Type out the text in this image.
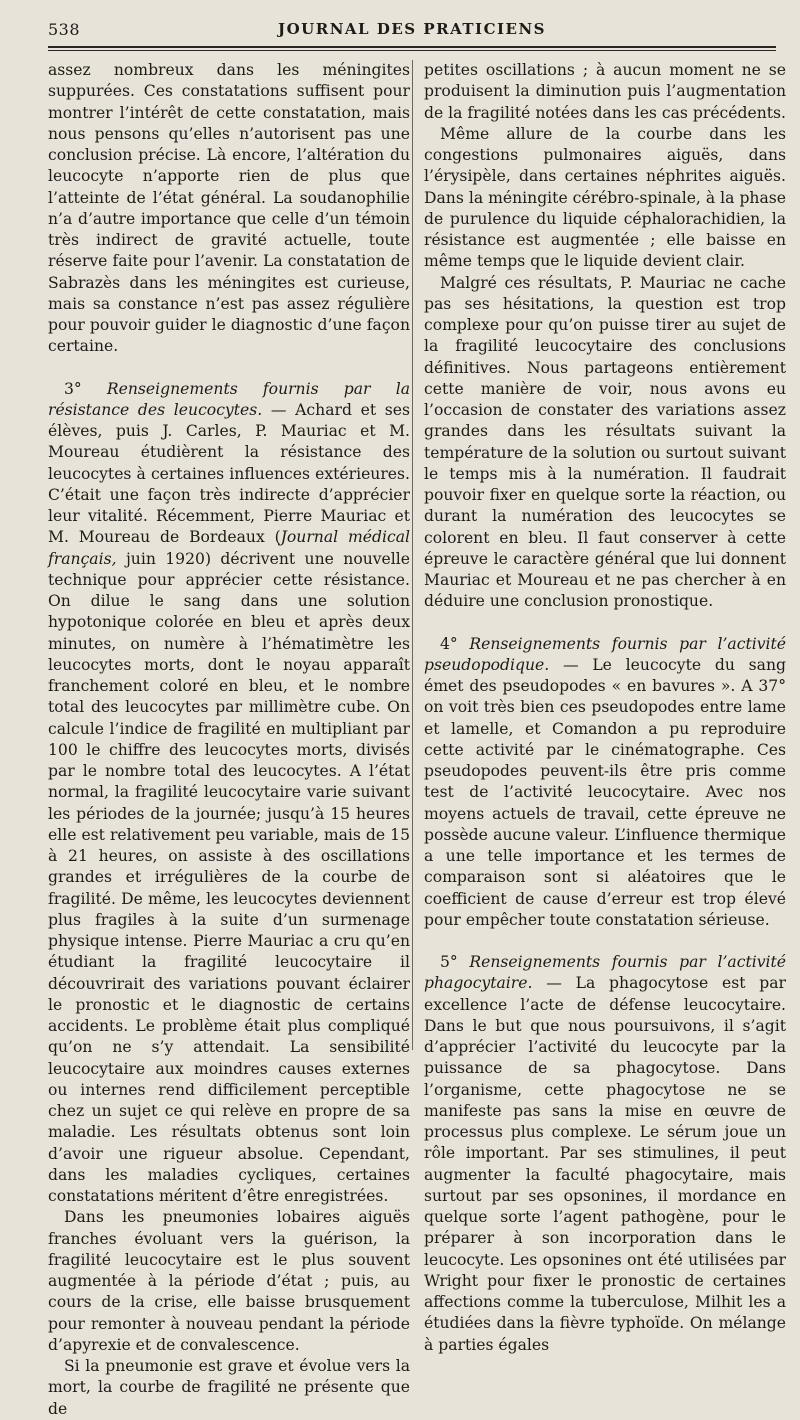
538	JOURNAL DES PRATICIENS

assez nombreux dans les méningites suppurées. Ces constatations suffisent pour montrer l’intérêt de cette constatation, mais nous pensons qu’elles n’autorisent pas une conclusion précise. Là encore, l’altération du leucocyte n’apporte rien de plus que l’atteinte de l’état général. La soudanophilie n’a d’autre importance que celle d’un témoin très indirect de gravité actuelle, toute réserve faite pour l’avenir. La constatation de Sabrazès dans les méningites est curieuse, mais sa constance n’est pas assez régulière pour pouvoir guider le diagnostic d’une façon certaine.

3° Renseignements fournis par la résistance des leucocytes. — Achard et ses élèves, puis J. Carles, P. Mauriac et M. Moureau étudièrent la résistance des leucocytes à certaines influences extérieures. C’était une façon très indirecte d’apprécier leur vitalité. Récemment, Pierre Mauriac et M. Moureau de Bordeaux (Journal médical français, juin 1920) décrivent une nouvelle technique pour apprécier cette résistance. On dilue le sang dans une solution hypotonique colorée en bleu et après deux minutes, on numère à l’hématimètre les leucocytes morts, dont le noyau apparaît franchement coloré en bleu, et le nombre total des leucocytes par millimètre cube. On calcule l’indice de fragilité en multipliant par 100 le chiffre des leucocytes morts, divisés par le nombre total des leucocytes. A l’état normal, la fragilité leucocytaire varie suivant les périodes de la journée; jusqu’à 15 heures elle est relativement peu variable, mais de 15 à 21 heures, on assiste à des oscillations grandes et irrégulières de la courbe de fragilité. De même, les leucocytes deviennent plus fragiles à la suite d’un surmenage physique intense. Pierre Mauriac a cru qu’en étudiant la fragilité leucocytaire il découvrirait des variations pouvant éclairer le pronostic et le diagnostic de certains accidents. Le problème était plus compliqué qu’on ne s’y attendait. La sensibilité leucocytaire aux moindres causes externes ou internes rend difficilement perceptible chez un sujet ce qui relève en propre de sa maladie. Les résultats obtenus sont loin d’avoir une rigueur absolue. Cependant, dans les maladies cycliques, certaines constatations méritent d’être enregistrées.

Dans les pneumonies lobaires aiguës franches évoluant vers la guérison, la fragilité leucocytaire est le plus souvent augmentée à la période d’état ; puis, au cours de la crise, elle baisse brusquement pour remonter à nouveau pendant la période d’apyrexie et de convalescence.

Si la pneumonie est grave et évolue vers la mort, la courbe de fragilité ne présente que de

petites oscillations ; à aucun moment ne se produisent la diminution puis l’augmentation de la fragilité notées dans les cas précédents.

Même allure de la courbe dans les congestions pulmonaires aiguës, dans l’érysipèle, dans certaines néphrites aiguës. Dans la méningite cérébro-spinale, à la phase de purulence du liquide céphalorachidien, la résistance est augmentée ; elle baisse en même temps que le liquide devient clair.

Malgré ces résultats, P. Mauriac ne cache pas ses hésitations, la question est trop complexe pour qu’on puisse tirer au sujet de la fragilité leucocytaire des conclusions définitives. Nous partageons entièrement cette manière de voir, nous avons eu l’occasion de constater des variations assez grandes dans les résultats suivant la température de la solution ou surtout suivant le temps mis à la numération. Il faudrait pouvoir fixer en quelque sorte la réaction, ou durant la numération des leucocytes se colorent en bleu. Il faut conserver à cette épreuve le caractère général que lui donnent Mauriac et Moureau et ne pas chercher à en déduire une conclusion pronostique.

4° Renseignements fournis par l’activité pseudopodique. — Le leucocyte du sang émet des pseudopodes « en bavures ». A 37° on voit très bien ces pseudopodes entre lame et lamelle, et Comandon a pu reproduire cette activité par le cinématographe. Ces pseudopodes peuvent-ils être pris comme test de l’activité leucocytaire. Avec nos moyens actuels de travail, cette épreuve ne possède aucune valeur. L’influence thermique a une telle importance et les termes de comparaison sont si aléatoires que le coefficient de cause d’erreur est trop élevé pour empêcher toute constatation sérieuse.

5° Renseignements fournis par l’activité phagocytaire. — La phagocytose est par excellence l’acte de défense leucocytaire. Dans le but que nous poursuivons, il s’agit d’apprécier l’activité du leucocyte par la puissance de sa phagocytose. Dans l’organisme, cette phagocytose ne se manifeste pas sans la mise en œuvre de processus plus complexe. Le sérum joue un rôle important. Par ses stimulines, il peut augmenter la faculté phagocytaire, mais surtout par ses opsonines, il mordance en quelque sorte l’agent pathogène, pour le préparer à son incorporation dans le leucocyte. Les opsonines ont été utilisées par Wright pour fixer le pronostic de certaines affections comme la tuberculose, Milhit les a étudiées dans la fièvre typhoïde. On mélange à parties égales
